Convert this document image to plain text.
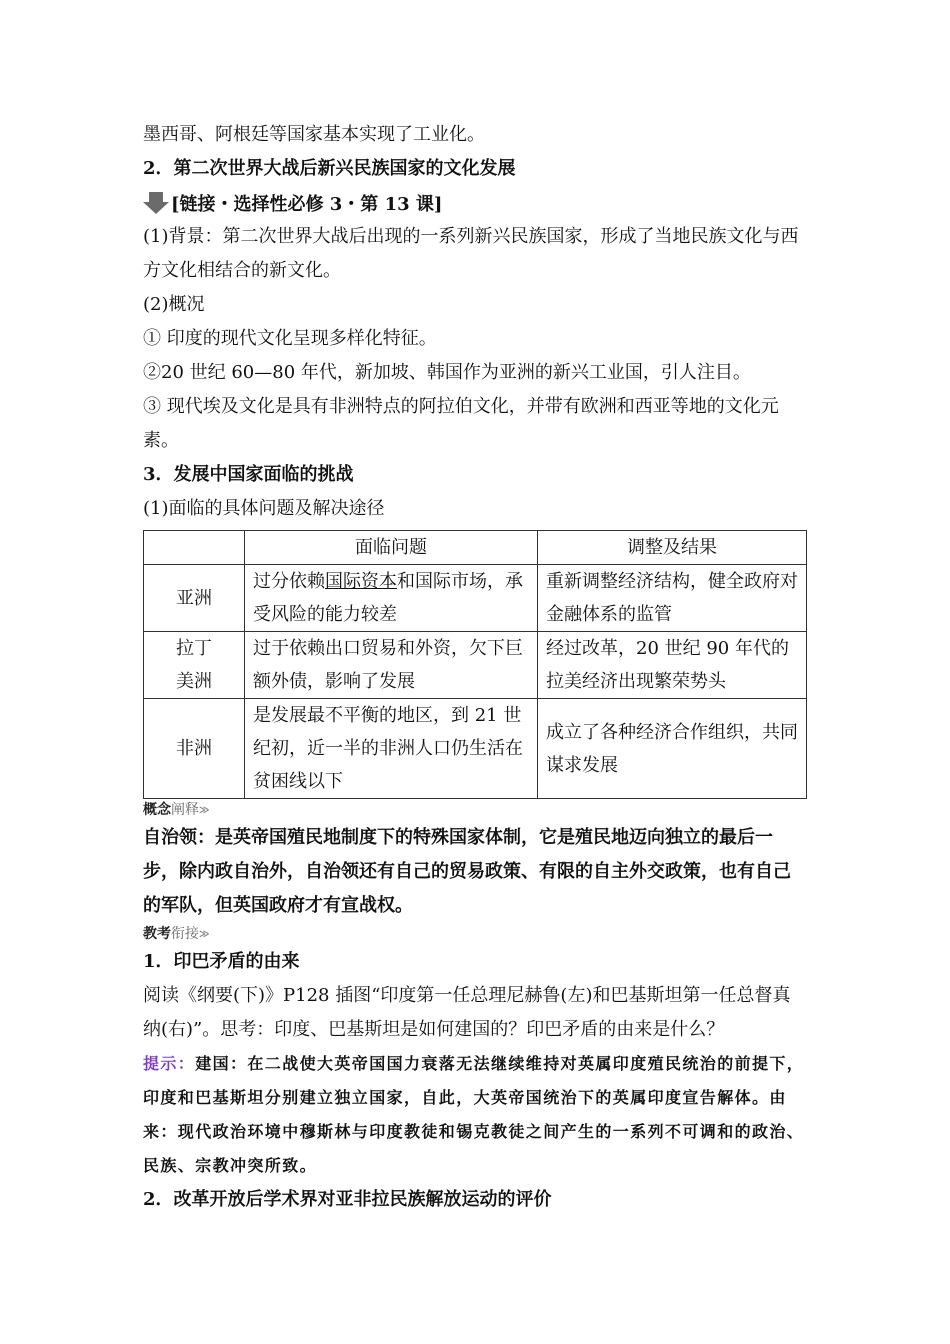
墨西哥、阿根廷等国家基本实现了工业化。
2．第二次世界大战后新兴民族国家的文化发展
[链接・选择性必修 3・第 13 课]
(1)背景：第二次世界大战后出现的一系列新兴民族国家，形成了当地民族文化与西方文化相结合的新文化。
(2)概况
① 印度的现代文化呈现多样化特征。
②20 世纪 60—80 年代，新加坡、韩国作为亚洲的新兴工业国，引人注目。
③ 现代埃及文化是具有非洲特点的阿拉伯文化，并带有欧洲和西亚等地的文化元素。
3．发展中国家面临的挑战
(1)面临的具体问题及解决途径
	面临问题	调整及结果
亚洲	过分依赖国际资本和国际市场，承受风险的能力较差	重新调整经济结构，健全政府对金融体系的监管

拉丁美洲	过于依赖出口贸易和外资，欠下巨额外债，影响了发展	经过改革，20 世纪 90 年代的拉美经济出现繁荣势头
非洲	是发展最不平衡的地区，到 21 世纪初，近一半的非洲人口仍生活在贫困线以下	成立了各种经济合作组织，共同谋求发展
概念阐释≫
自治领：是英帝国殖民地制度下的特殊国家体制，它是殖民地迈向独立的最后一步，除内政自治外，自治领还有自己的贸易政策、有限的自主外交政策，也有自己的军队，但英国政府才有宣战权。
教考衔接≫
1．印巴矛盾的由来
阅读《纲要(下)》P128 插图“印度第一任总理尼赫鲁(左)和巴基斯坦第一任总督真纳(右)”。思考：印度、巴基斯坦是如何建国的？印巴矛盾的由来是什么？
提示：建国：在二战使大英帝国国力衰落无法继续维持对英属印度殖民统治的前提下，印度和巴基斯坦分别建立独立国家，自此，大英帝国统治下的英属印度宣告解体。由来：现代政治环境中穆斯林与印度教徒和锡克教徒之间产生的一系列不可调和的政治、民族、宗教冲突所致。
2．改革开放后学术界对亚非拉民族解放运动的评价
